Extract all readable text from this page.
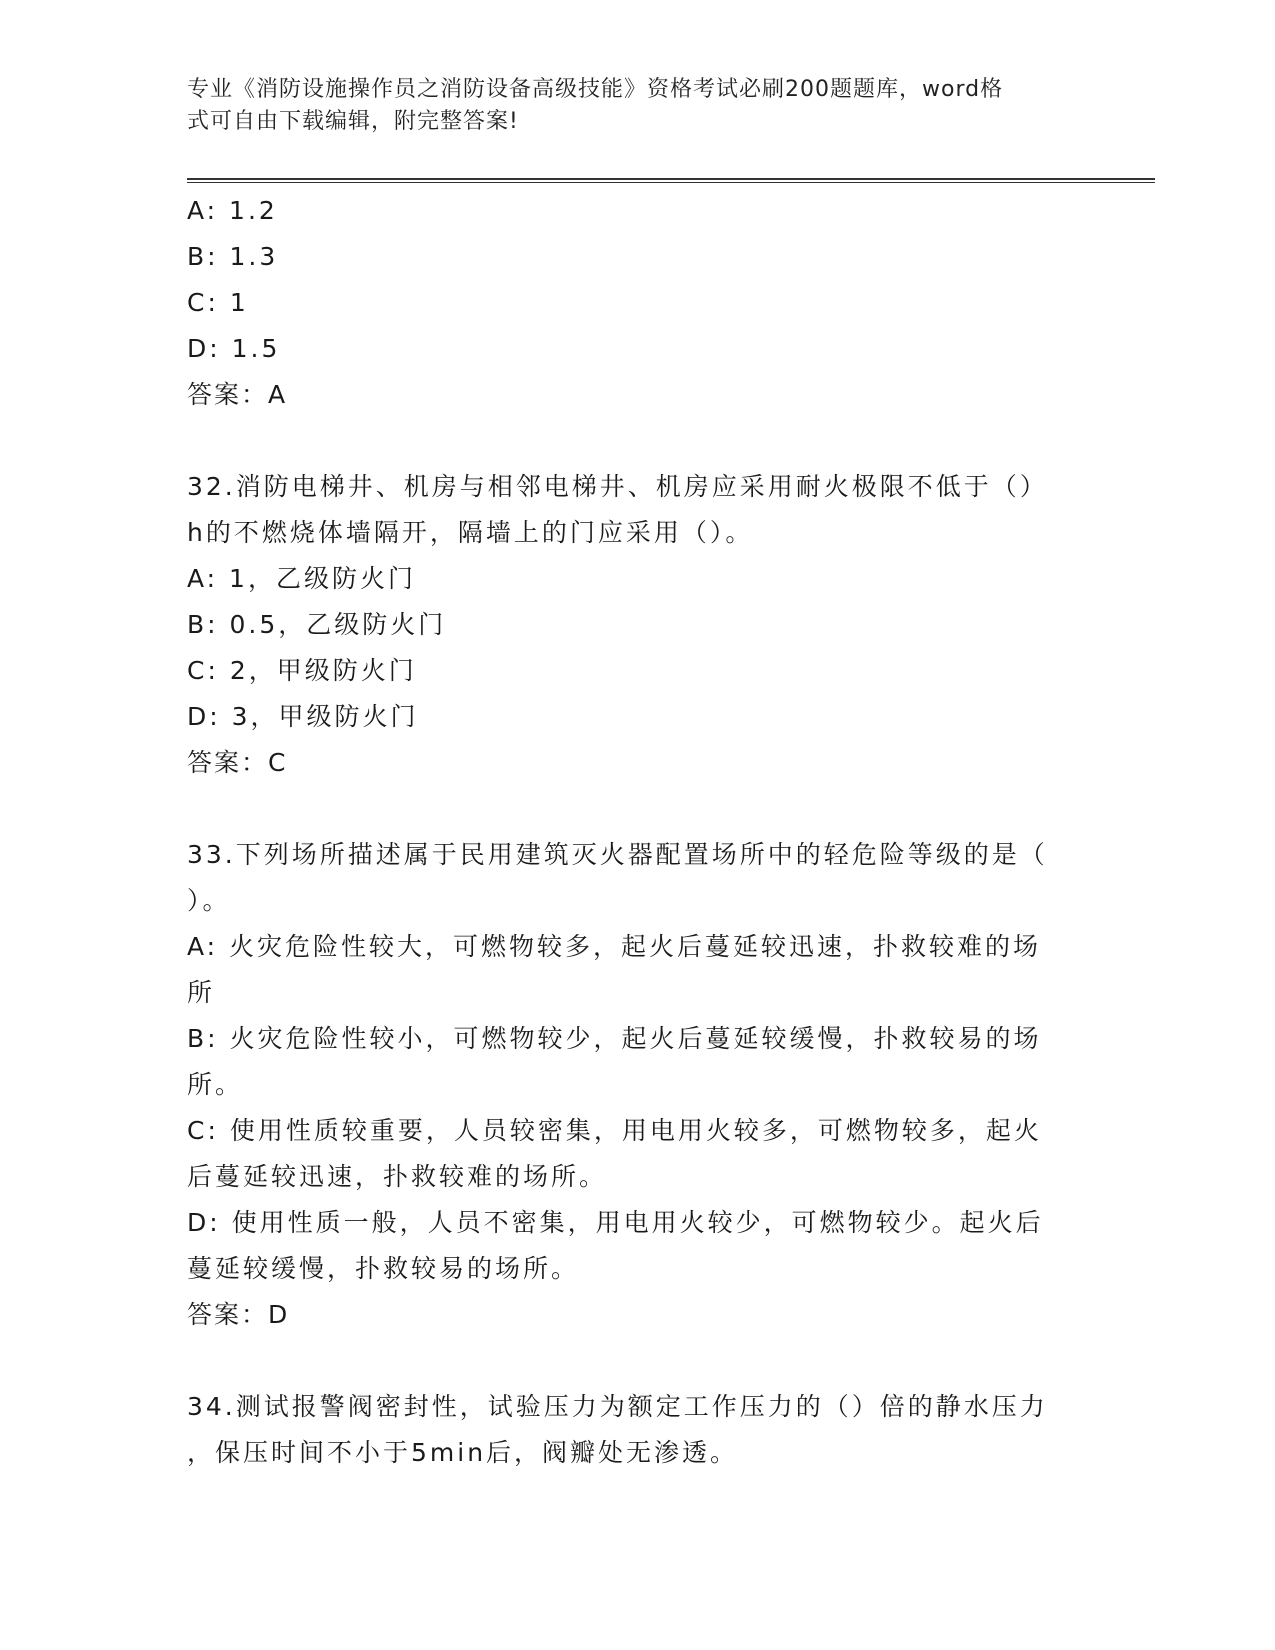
专业《消防设施操作员之消防设备高级技能》资格考试必刷200题题库，word格
式可自由下载编辑，附完整答案!

A: 1.2

B: 1.3

C: 1

D: 1.5

答案：A

32.消防电梯井、机房与相邻电梯井、机房应采用耐火极限不低于（）

h的不燃烧体墙隔开，隔墙上的门应采用（）。

A: 1，乙级防火门

B: 0.5，乙级防火门

C: 2，甲级防火门

D: 3，甲级防火门

答案：C

33.下列场所描述属于民用建筑灭火器配置场所中的轻危险等级的是（

）。

A: 火灾危险性较大，可燃物较多，起火后蔓延较迅速，扑救较难的场

所

B: 火灾危险性较小，可燃物较少，起火后蔓延较缓慢，扑救较易的场

所。

C: 使用性质较重要，人员较密集，用电用火较多，可燃物较多，起火

后蔓延较迅速，扑救较难的场所。

D: 使用性质一般，人员不密集，用电用火较少，可燃物较少。起火后

蔓延较缓慢，扑救较易的场所。

答案：D

34.测试报警阀密封性，试验压力为额定工作压力的（）倍的静水压力

，保压时间不小于5min后，阀瓣处无渗透。
